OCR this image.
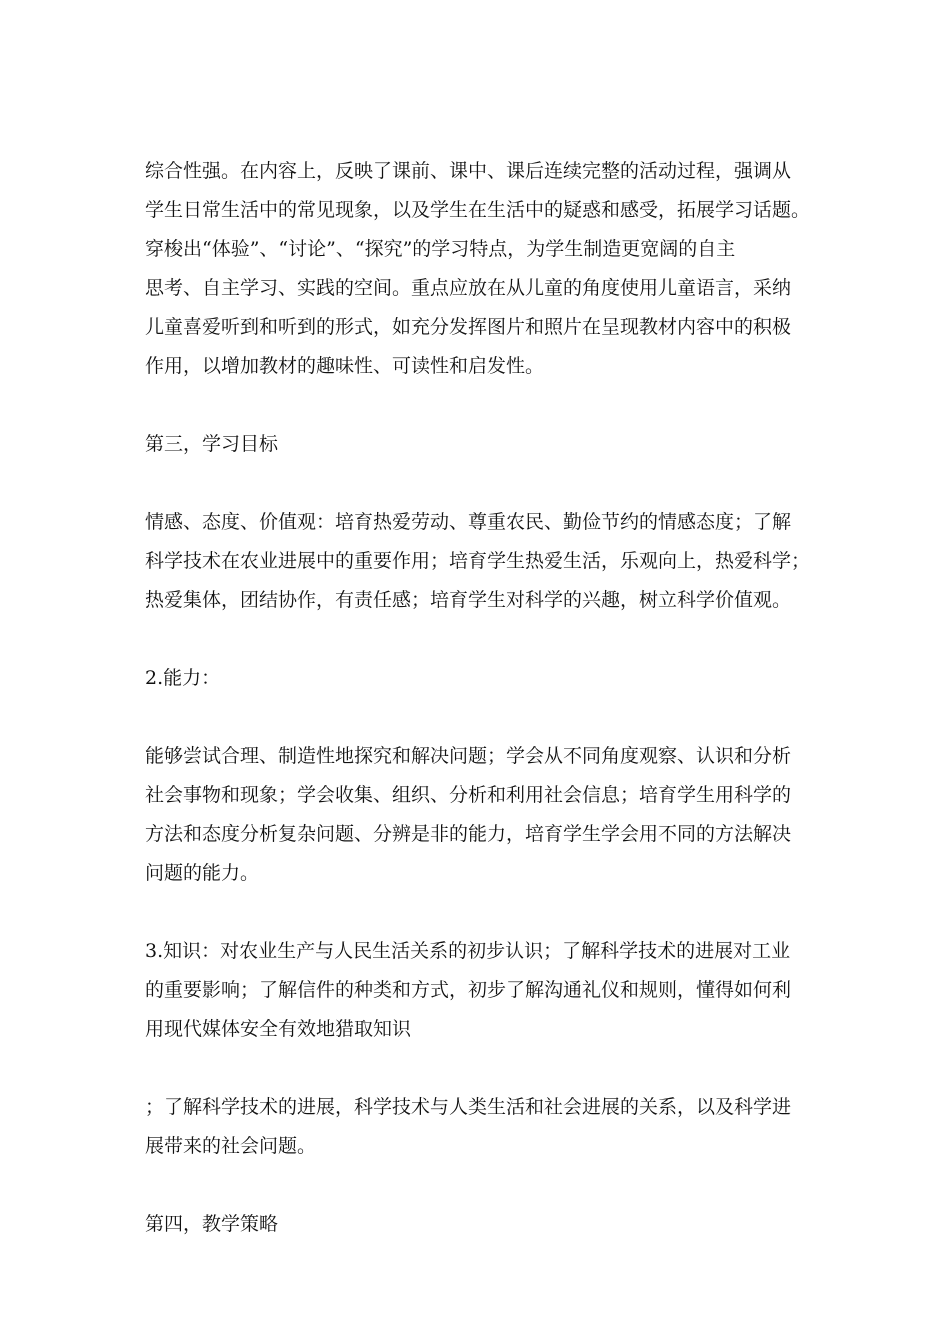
综合性强。在内容上，反映了课前、课中、课后连续完整的活动过程，强调从
学生日常生活中的常见现象，以及学生在生活中的疑惑和感受，拓展学习话题。
穿梭出“体验”、“讨论”、“探究”的学习特点，为学生制造更宽阔的自主
思考、自主学习、实践的空间。重点应放在从儿童的角度使用儿童语言，采纳
儿童喜爱听到和听到的形式，如充分发挥图片和照片在呈现教材内容中的积极
作用，以增加教材的趣味性、可读性和启发性。
第三，学习目标
情感、态度、价值观：培育热爱劳动、尊重农民、勤俭节约的情感态度；了解
科学技术在农业进展中的重要作用；培育学生热爱生活，乐观向上，热爱科学；
热爱集体，团结协作，有责任感；培育学生对科学的兴趣，树立科学价值观。
2.能力：
能够尝试合理、制造性地探究和解决问题；学会从不同角度观察、认识和分析
社会事物和现象；学会收集、组织、分析和利用社会信息；培育学生用科学的
方法和态度分析复杂问题、分辨是非的能力，培育学生学会用不同的方法解决
问题的能力。
3.知识：对农业生产与人民生活关系的初步认识；了解科学技术的进展对工业
的重要影响；了解信件的种类和方式，初步了解沟通礼仪和规则，懂得如何利
用现代媒体安全有效地猎取知识
；了解科学技术的进展，科学技术与人类生活和社会进展的关系，以及科学进
展带来的社会问题。
第四，教学策略
